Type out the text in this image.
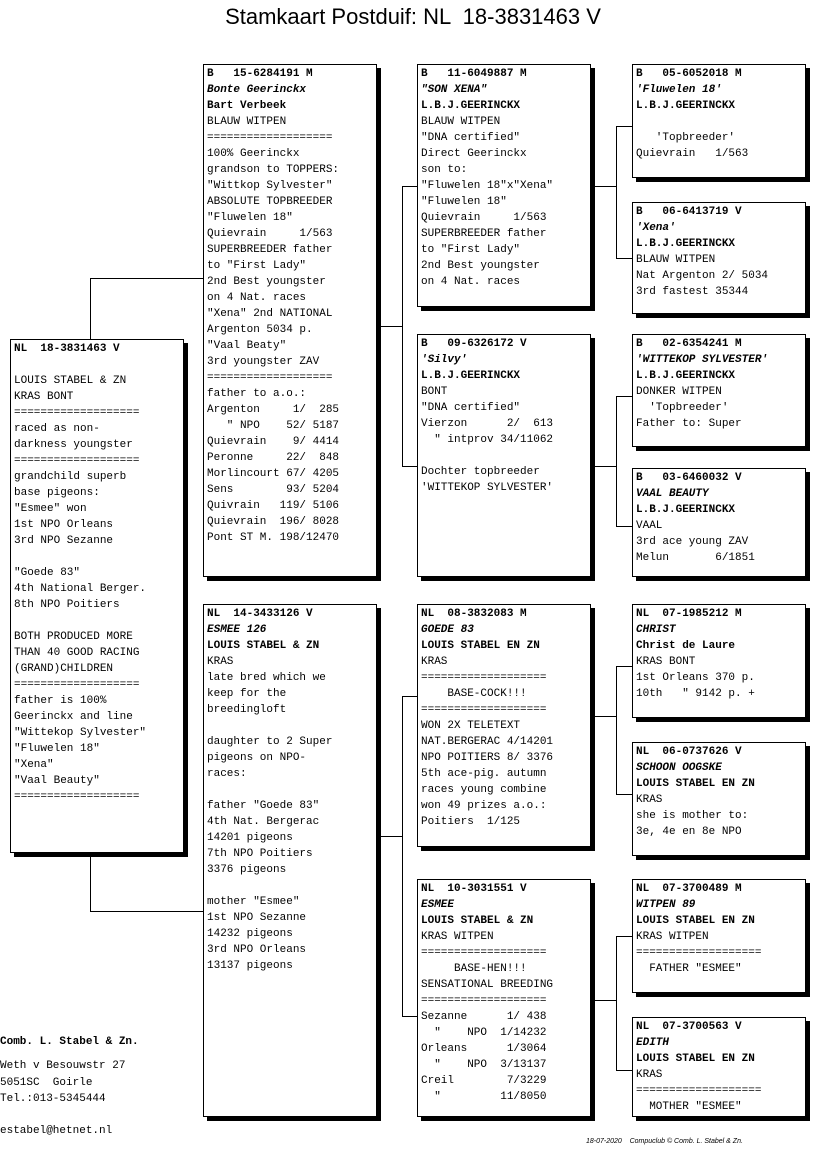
Stamkaart Postduif: NL  18-3831463 V
NL  18-3831463 V
LOUIS STABEL & ZN
KRAS BONT
===================
raced as non-
darkness youngster
===================
grandchild superb
base pigeons:
"Esmee" won
1st NPO Orleans
3rd NPO Sezanne
"Goede 83"
4th National Berger.
8th NPO Poitiers
BOTH PRODUCED MORE
THAN 40 GOOD RACING
(GRAND)CHILDREN
===================
father is 100%
Geerinckx and line
"Wittekop Sylvester"
"Fluwelen 18"
"Xena"
"Vaal Beauty"
===================
B   15-6284191 M
Bonte Geerinckx
Bart Verbeek
BLAUW WITPEN
===================
100% Geerinckx
grandson to TOPPERS:
"Wittkop Sylvester"
ABSOLUTE TOPBREEDER
"Fluwelen 18"
Quievrain     1/563
SUPERBREEDER father
to "First Lady"
2nd Best youngster
on 4 Nat. races
"Xena" 2nd NATIONAL
Argenton 5034 p.
"Vaal Beaty"
3rd youngster ZAV
===================
father to a.o.:
Argenton     1/  285
" NPO    52/ 5187
Quievrain    9/ 4414
Peronne     22/  848
Morlincourt 67/ 4205
Sens        93/ 5204
Quivrain   119/ 5106
Quievrain  196/ 8028
Pont ST M. 198/12470
NL  14-3433126 V
ESMEE 126
LOUIS STABEL & ZN
KRAS
late bred which we
keep for the
breedingloft
daughter to 2 Super
pigeons on NPO-
races:
father "Goede 83"
4th Nat. Bergerac
14201 pigeons
7th NPO Poitiers
3376 pigeons
mother "Esmee"
1st NPO Sezanne
14232 pigeons
3rd NPO Orleans
13137 pigeons
B   11-6049887 M
"SON XENA"
L.B.J.GEERINCKX
BLAUW WITPEN
"DNA certified"
Direct Geerinckx
son to:
"Fluwelen 18"x"Xena"
"Fluwelen 18"
Quievrain     1/563
SUPERBREEDER father
to "First Lady"
2nd Best youngster
on 4 Nat. races
B   09-6326172 V
'Silvy'
L.B.J.GEERINCKX
BONT
"DNA certified"
Vierzon      2/  613
" intprov 34/11062
Dochter topbreeder
'WITTEKOP SYLVESTER'
NL  08-3832083 M
GOEDE 83
LOUIS STABEL EN ZN
KRAS
===================
BASE-COCK!!!
===================
WON 2X TELETEXT
NAT.BERGERAC 4/14201
NPO POITIERS 8/ 3376
5th ace-pig. autumn
races young combine
won 49 prizes a.o.:
Poitiers  1/125
NL  10-3031551 V
ESMEE
LOUIS STABEL & ZN
KRAS WITPEN
===================
BASE-HEN!!!
SENSATIONAL BREEDING
===================
Sezanne      1/ 438
"    NPO  1/14232
Orleans      1/3064
"    NPO  3/13137
Creil        7/3229
"         11/8050
B   05-6052018 M
'Fluwelen 18'
L.B.J.GEERINCKX
'Topbreeder'
Quievrain   1/563
B   06-6413719 V
'Xena'
L.B.J.GEERINCKX
BLAUW WITPEN
Nat Argenton 2/ 5034
3rd fastest 35344
B   02-6354241 M
'WITTEKOP SYLVESTER'
L.B.J.GEERINCKX
DONKER WITPEN
'Topbreeder'
Father to: Super
B   03-6460032 V
VAAL BEAUTY
L.B.J.GEERINCKX
VAAL
3rd ace young ZAV
Melun       6/1851
NL  07-1985212 M
CHRIST
Christ de Laure
KRAS BONT
1st Orleans 370 p.
10th   " 9142 p. +
NL  06-0737626 V
SCHOON OOGSKE
LOUIS STABEL EN ZN
KRAS
she is mother to:
3e, 4e en 8e NPO
NL  07-3700489 M
WITPEN 89
LOUIS STABEL EN ZN
KRAS WITPEN
===================
FATHER "ESMEE"
NL  07-3700563 V
EDITH
LOUIS STABEL EN ZN
KRAS
===================
MOTHER "ESMEE"
Comb. L. Stabel & Zn.
Weth v Besouwstr 27
5051SC  Goirle
Tel.:013-5345444
estabel@hetnet.nl
18-07-2020    Compuclub © Comb. L. Stabel & Zn.
